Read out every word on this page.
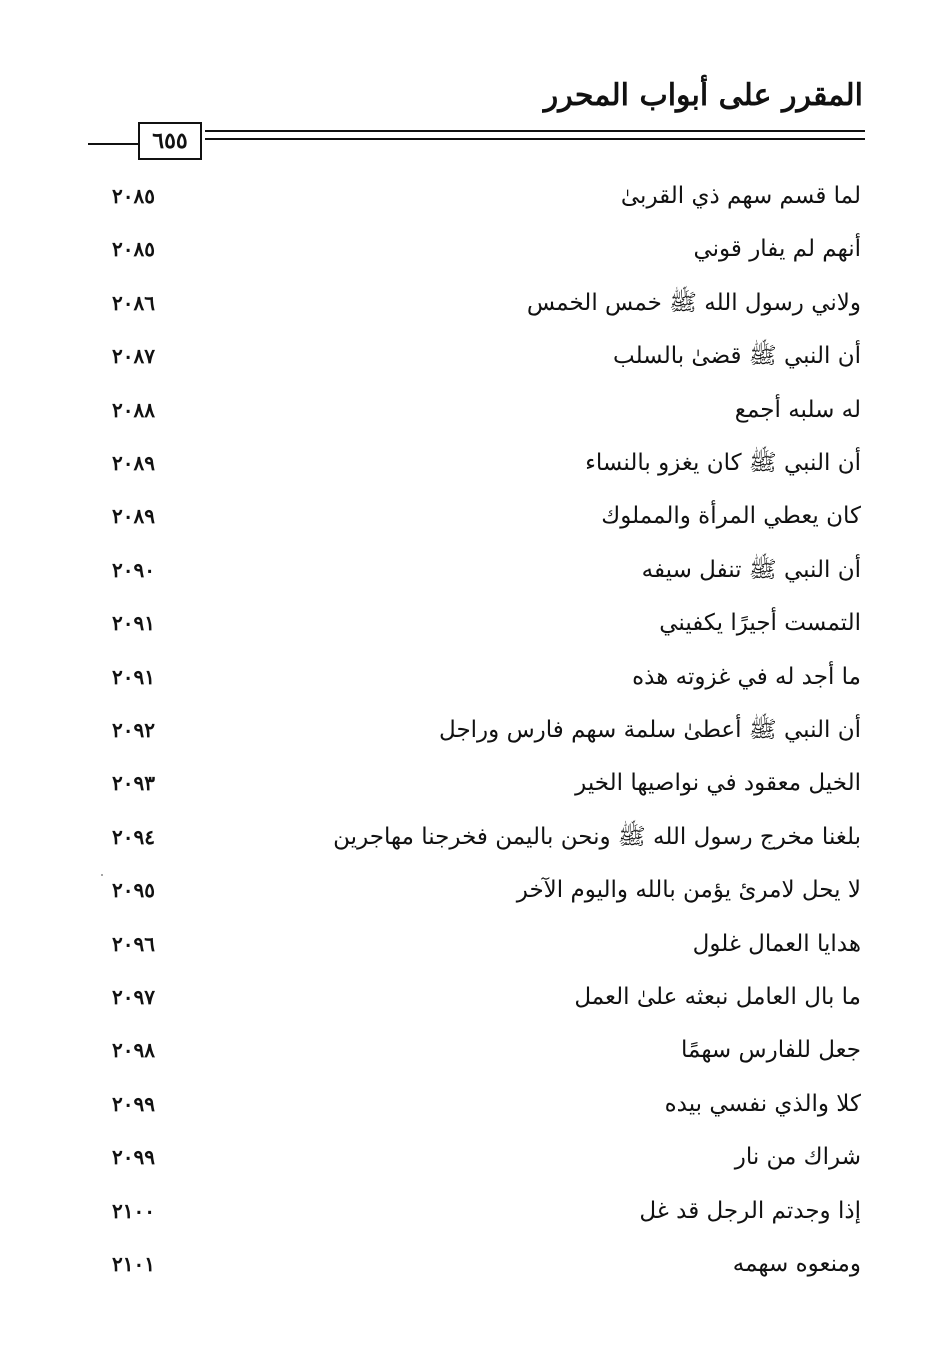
المقرر على أبواب المحرر
٦٥٥
لما قسم سهم ذي القربىٰ
٢٠٨٥
أنهم لم يفار قوني
٢٠٨٥
ولاني رسول الله ﷺ خمس الخمس
٢٠٨٦
أن النبي ﷺ قضىٰ بالسلب
٢٠٨٧
له سلبه أجمع
٢٠٨٨
أن النبي ﷺ كان يغزو بالنساء
٢٠٨٩
كان يعطي المرأة والمملوك
٢٠٨٩
أن النبي ﷺ تنفل سيفه
٢٠٩٠
التمست أجيرًا يكفيني
٢٠٩١
ما أجد له في غزوته هذه
٢٠٩١
أن النبي ﷺ أعطىٰ سلمة سهم فارس وراجل
٢٠٩٢
الخيل معقود في نواصيها الخير
٢٠٩٣
بلغنا مخرج رسول الله ﷺ ونحن باليمن فخرجنا مهاجرين
٢٠٩٤
لا يحل لامرئ يؤمن بالله واليوم الآخر
٢٠٩٥
هدايا العمال غلول
٢٠٩٦
ما بال العامل نبعثه علىٰ العمل
٢٠٩٧
جعل للفارس سهمًا
٢٠٩٨
كلا والذي نفسي بيده
٢٠٩٩
شراك من نار
٢٠٩٩
إذا وجدتم الرجل قد غل
٢١٠٠
ومنعوه سهمه
٢١٠١
